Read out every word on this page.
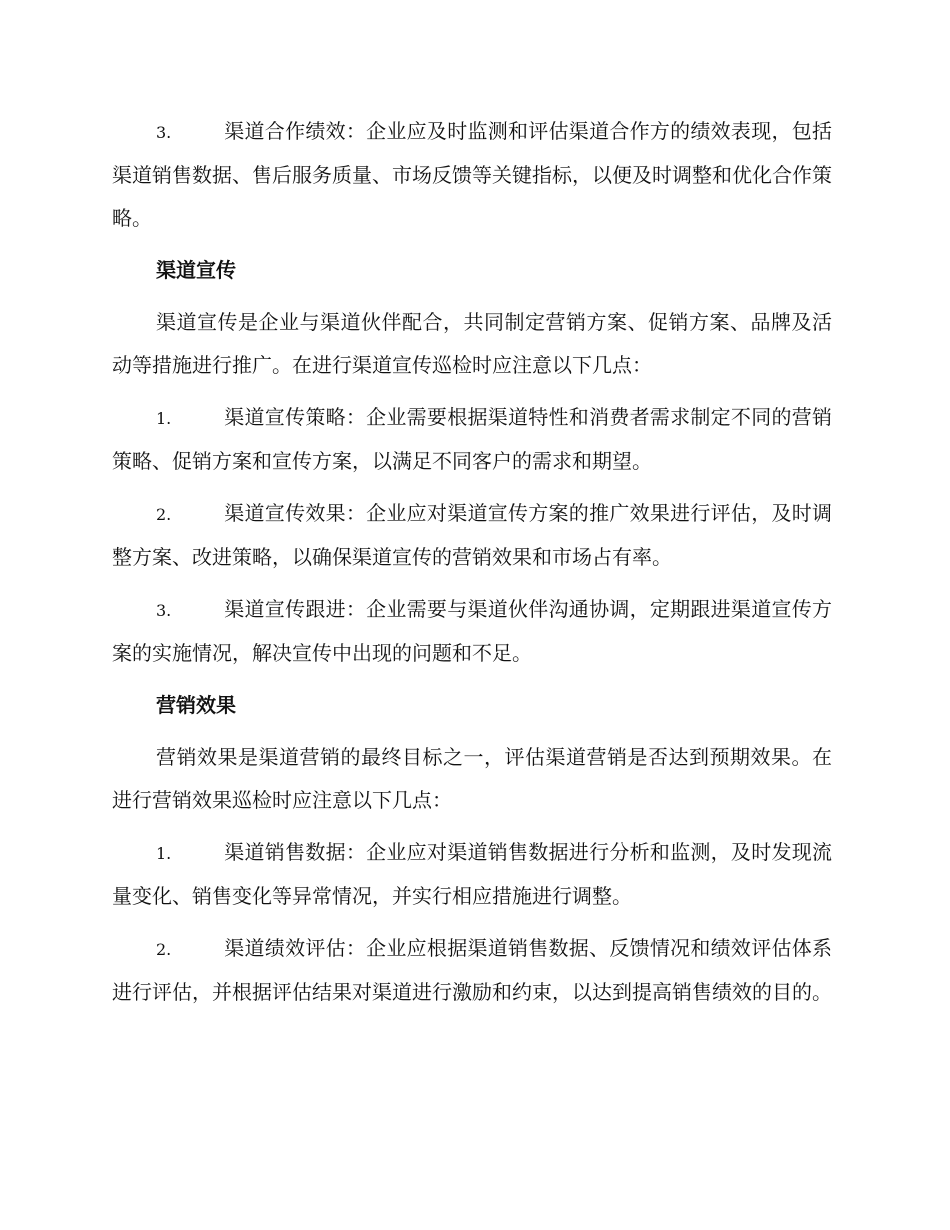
3.	渠道合作绩效：企业应及时监测和评估渠道合作方的绩效表现，包括渠道销售数据、售后服务质量、市场反馈等关键指标，以便及时调整和优化合作策略。

渠道宣传

渠道宣传是企业与渠道伙伴配合，共同制定营销方案、促销方案、品牌及活动等措施进行推广。在进行渠道宣传巡检时应注意以下几点：

1.	渠道宣传策略：企业需要根据渠道特性和消费者需求制定不同的营销策略、促销方案和宣传方案，以满足不同客户的需求和期望。

2.	渠道宣传效果：企业应对渠道宣传方案的推广效果进行评估，及时调整方案、改进策略，以确保渠道宣传的营销效果和市场占有率。

3.	渠道宣传跟进：企业需要与渠道伙伴沟通协调，定期跟进渠道宣传方案的实施情况，解决宣传中出现的问题和不足。

营销效果

营销效果是渠道营销的最终目标之一，评估渠道营销是否达到预期效果。在进行营销效果巡检时应注意以下几点：

1.	渠道销售数据：企业应对渠道销售数据进行分析和监测，及时发现流量变化、销售变化等异常情况，并实行相应措施进行调整。

2.	渠道绩效评估：企业应根据渠道销售数据、反馈情况和绩效评估体系进行评估，并根据评估结果对渠道进行激励和约束，以达到提高销售绩效的目的。
